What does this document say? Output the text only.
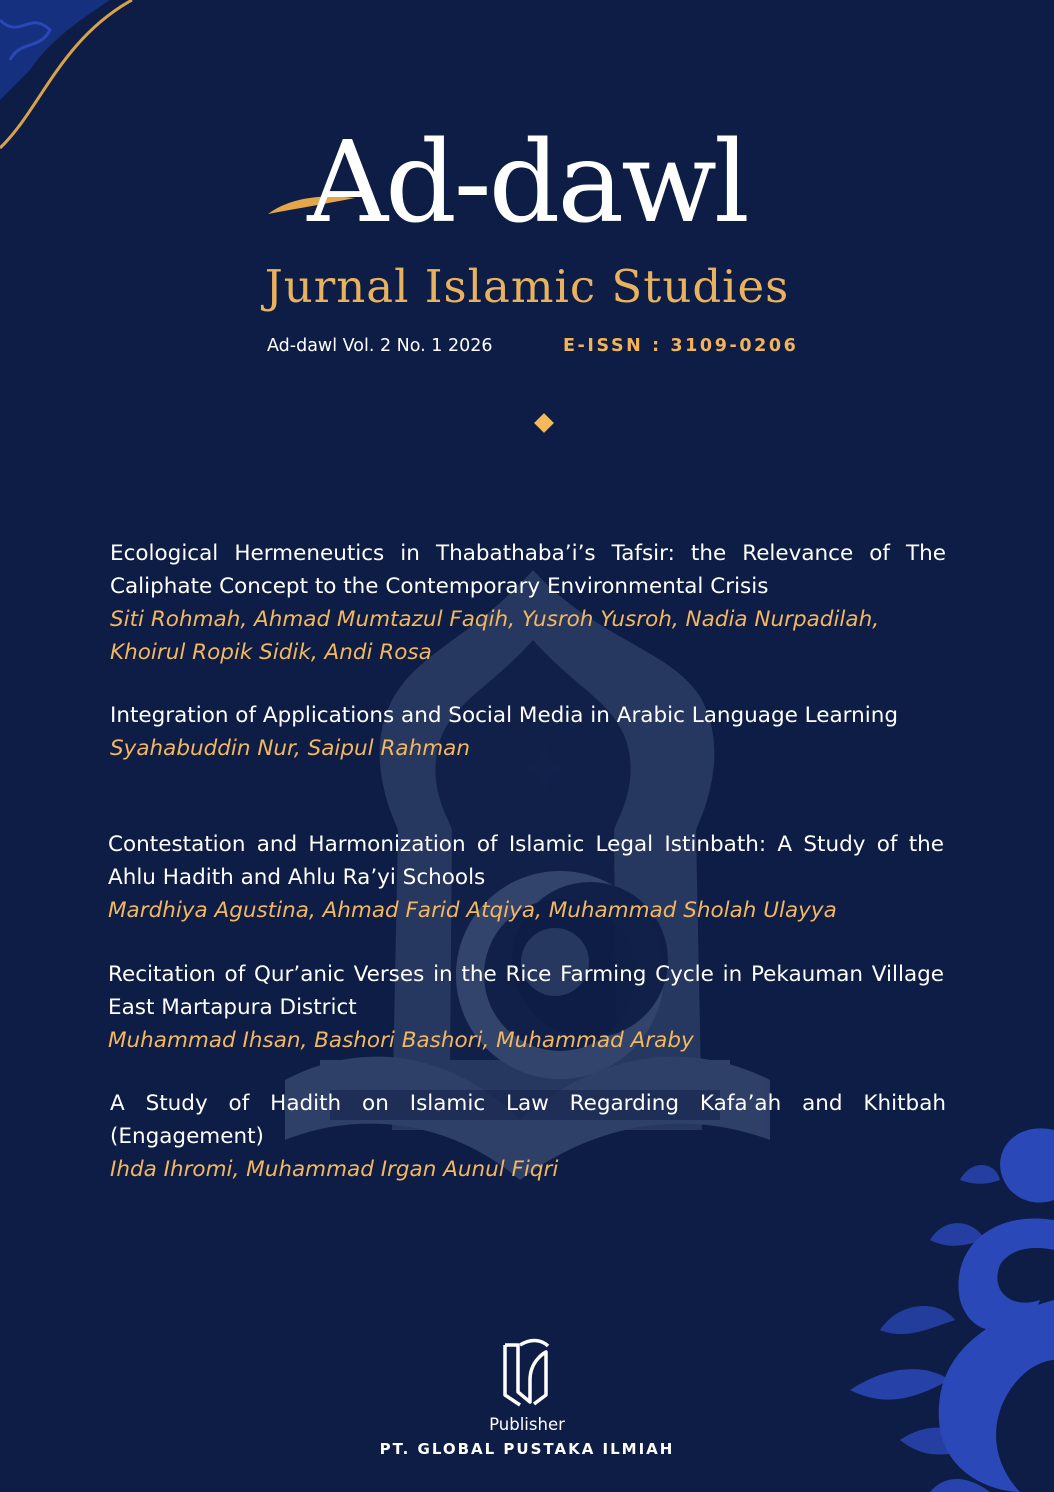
Ad-dawl
Jurnal Islamic Studies
Ad-dawl Vol. 2 No. 1 2026	E-ISSN : 3109-0206
Ecological Hermeneutics in Thabathaba’i’s Tafsir: the Relevance of The Caliphate Concept to the Contemporary Environmental Crisis
Siti Rohmah, Ahmad Mumtazul Faqih, Yusroh Yusroh, Nadia Nurpadilah, Khoirul Ropik Sidik, Andi Rosa
Integration of Applications and Social Media in Arabic Language Learning
Syahabuddin Nur, Saipul Rahman
Contestation and Harmonization of Islamic Legal Istinbath: A Study of the Ahlu Hadith and Ahlu Ra’yi Schools
Mardhiya Agustina, Ahmad Farid Atqiya, Muhammad Sholah Ulayya
Recitation of Qur’anic Verses in the Rice Farming Cycle in Pekauman Village East Martapura District
Muhammad Ihsan, Bashori Bashori, Muhammad Araby
A Study of Hadith on Islamic Law Regarding Kafa’ah and Khitbah (Engagement)
Ihda Ihromi, Muhammad Irgan Aunul Fiqri
Publisher
PT. GLOBAL PUSTAKA ILMIAH
